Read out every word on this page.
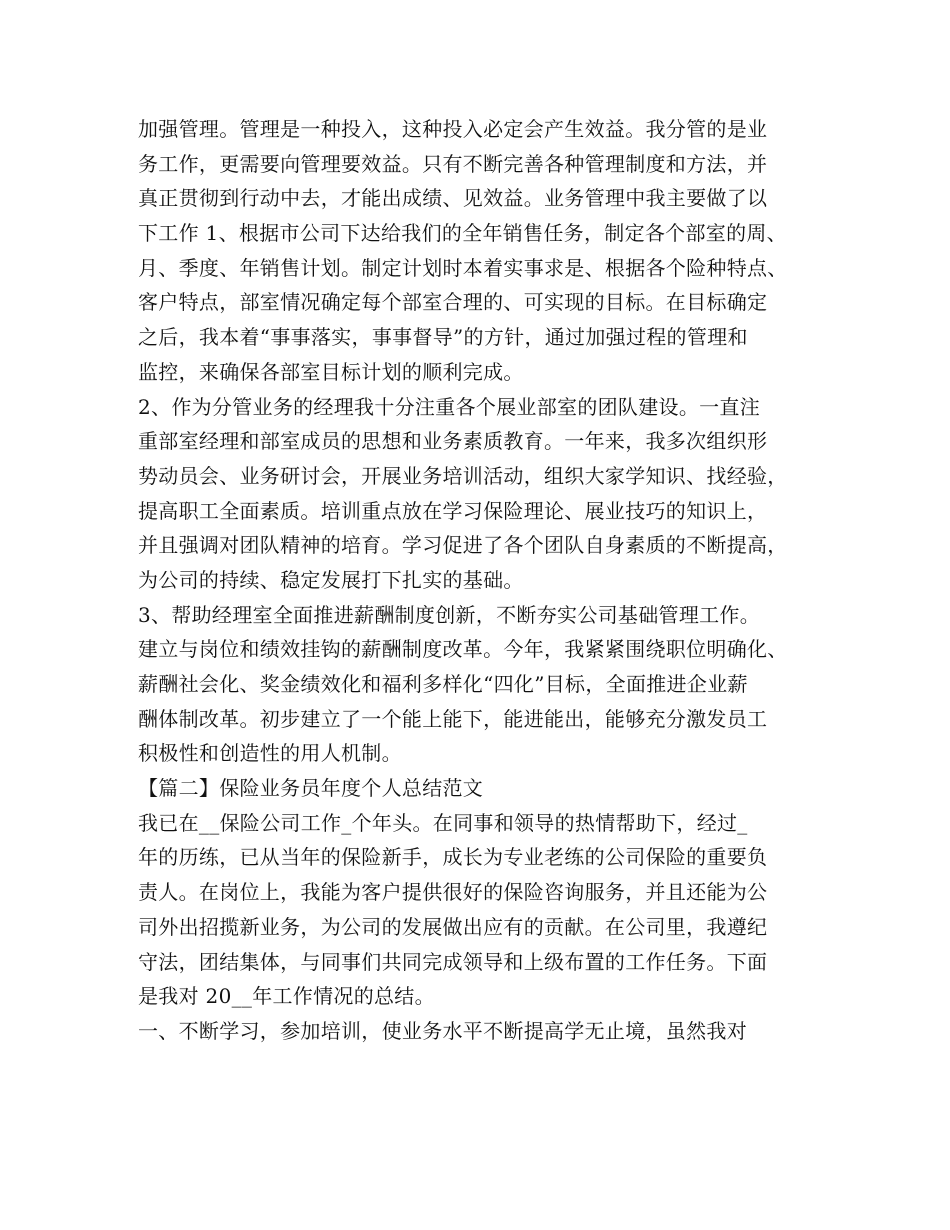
加强管理。管理是一种投入，这种投入必定会产生效益。我分管的是业
务工作，更需要向管理要效益。只有不断完善各种管理制度和方法，并
真正贯彻到行动中去，才能出成绩、见效益。业务管理中我主要做了以
下工作 1、根据市公司下达给我们的全年销售任务，制定各个部室的周、
月、季度、年销售计划。制定计划时本着实事求是、根据各个险种特点、
客户特点，部室情况确定每个部室合理的、可实现的目标。在目标确定
之后，我本着“事事落实，事事督导”的方针，通过加强过程的管理和
监控，来确保各部室目标计划的顺利完成。
2、作为分管业务的经理我十分注重各个展业部室的团队建设。一直注
重部室经理和部室成员的思想和业务素质教育。一年来，我多次组织形
势动员会、业务研讨会，开展业务培训活动，组织大家学知识、找经验，
提高职工全面素质。培训重点放在学习保险理论、展业技巧的知识上，
并且强调对团队精神的培育。学习促进了各个团队自身素质的不断提高，
为公司的持续、稳定发展打下扎实的基础。
3、帮助经理室全面推进薪酬制度创新，不断夯实公司基础管理工作。
建立与岗位和绩效挂钩的薪酬制度改革。今年，我紧紧围绕职位明确化、
薪酬社会化、奖金绩效化和福利多样化“四化”目标，全面推进企业薪
酬体制改革。初步建立了一个能上能下，能进能出，能够充分激发员工
积极性和创造性的用人机制。
【篇二】保险业务员年度个人总结范文
我已在__保险公司工作_个年头。在同事和领导的热情帮助下，经过_
年的历练，已从当年的保险新手，成长为专业老练的公司保险的重要负
责人。在岗位上，我能为客户提供很好的保险咨询服务，并且还能为公
司外出招揽新业务，为公司的发展做出应有的贡献。在公司里，我遵纪
守法，团结集体，与同事们共同完成领导和上级布置的工作任务。下面
是我对 20__年工作情况的总结。
一、不断学习，参加培训，使业务水平不断提高学无止境，虽然我对
